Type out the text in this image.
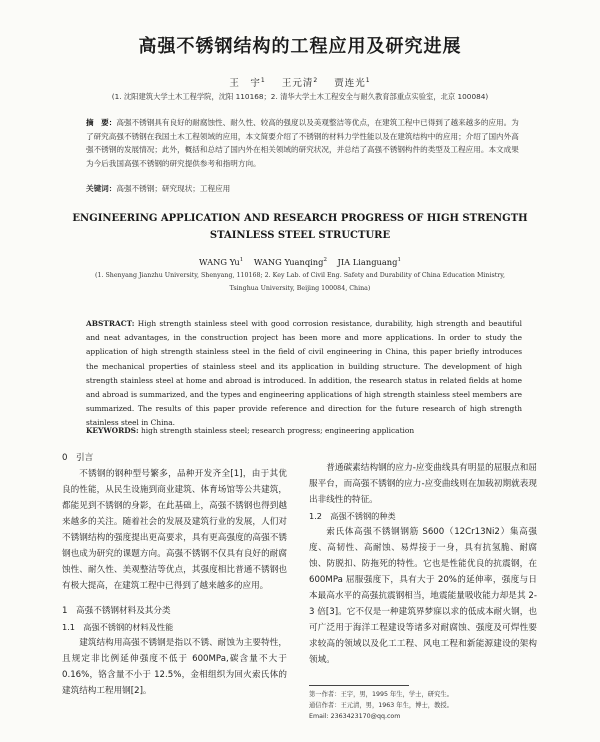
高强不锈钢结构的工程应用及研究进展
王　宇$^1$ 王元清$^2$ 贾连光$^1$
(1. 沈阳建筑大学土木工程学院，沈阳 110168；2. 清华大学土木工程安全与耐久教育部重点实验室，北京 100084)
摘　要：高强不锈钢具有良好的耐腐蚀性、耐久性、较高的强度以及美观整洁等优点，在建筑工程中已得到了越来越多的应用。为了研究高强不锈钢在我国土木工程领域的应用，本文简要介绍了不锈钢的材料力学性能以及在建筑结构中的应用；介绍了国内外高强不锈钢的发展情况；此外，概括和总结了国内外在相关领域的研究状况，并总结了高强不锈钢构件的类型及工程应用。本文成果为今后我国高强不锈钢的研究提供参考和指明方向。
关键词：高强不锈钢；研究现状；工程应用
ENGINEERING APPLICATION AND RESEARCH PROGRESS OF HIGH STRENGTH STAINLESS STEEL STRUCTURE
WANG Yu$^1$ WANG Yuanqing$^2$ JIA Lianguang$^1$
(1. Shenyang Jianzhu University, Shenyang, 110168; 2. Key Lab. of Civil Eng. Safety and Durability of China Education Ministry, Tsinghua University, Beijing 100084, China)
ABSTRACT: High strength stainless steel with good corrosion resistance, durability, high strength and beautiful and neat advantages, in the construction project has been more and more applications. In order to study the application of high strength stainless steel in the field of civil engineering in China, this paper briefly introduces the mechanical properties of stainless steel and its application in building structure. The development of high strength stainless steel at home and abroad is introduced. In addition, the research status in related fields at home and abroad is summarized, and the types and engineering applications of high strength stainless steel members are summarized. The results of this paper provide reference and direction for the future research of high strength stainless steel in China.
KEYWORDS: high strength stainless steel; research progress; engineering application
0　引言

不锈钢的钢种型号繁多，品种开发齐全[1]，由于其优良的性能，从民生设施到商业建筑、体育场馆等公共建筑，都能见到不锈钢的身影，在此基础上，高强不锈钢也得到越来越多的关注。随着社会的发展及建筑行业的发展，人们对不锈钢结构的强度提出更高要求，具有更高强度的高强不锈钢也成为研究的课题方向。高强不锈钢不仅具有良好的耐腐蚀性、耐久性、美观整洁等优点，其强度相比普通不锈钢也有极大提高，在建筑工程中已得到了越来越多的应用。

1　高强不锈钢材料及其分类
1.1　高强不锈钢的材料及性能

建筑结构用高强不锈钢是指以不锈、耐蚀为主要特性，且规定非比例延伸强度不低于 600MPa,碳含量不大于 0.16%，铬含量不小于 12.5%，金相组织为回火索氏体的建筑结构工程用钢[2]。

普通碳素结构钢的应力-应变曲线具有明显的屈服点和屈服平台，而高强不锈钢的应力-应变曲线则在加载初期就表现出非线性的特征。

1.2　高强不锈钢的种类

索氏体高强不锈钢钢筋 S600（12Cr13Ni2）集高强度、高韧性、高耐蚀、易焊接于一身，具有抗氢脆、耐腐蚀、防脱扣、防拖死的特性。它也是性能优良的抗震钢，在 600MPa 屈服强度下，具有大于 20%的延伸率，强度与日本最高水平的高强抗震钢相当，地震能量吸收能力却是其 2-3 倍[3]。它不仅是一种建筑界梦寐以求的低成本耐火钢，也可广泛用于海洋工程建设等诸多对耐腐蚀、强度及可焊性要求较高的领域以及化工工程、风电工程和新能源建设的架构领域。

第一作者：王宇，男，1995 年生，学士，研究生。
通信作者：王元清，男，1963 年生，博士，教授。
Email: 2363423170@qq.com
